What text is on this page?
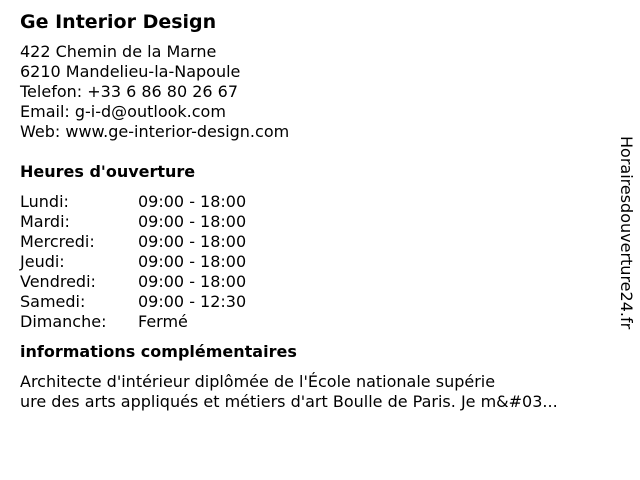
Ge Interior Design
422 Chemin de la Marne
6210 Mandelieu-la-Napoule
Telefon: +33 6 86 80 26 67
Email: g-i-d@outlook.com
Web: www.ge-interior-design.com
Heures d'ouverture
Lundi:	09:00 - 18:00
Mardi:	09:00 - 18:00
Mercredi:	09:00 - 18:00
Jeudi:	09:00 - 18:00
Vendredi:	09:00 - 18:00
Samedi:	09:00 - 12:30
Dimanche: Fermé
informations complémentaires
Architecte d'intérieur diplômée de l'École nationale supérie
ure des arts appliqués et métiers d'art Boulle de Paris. Je m&#03...
Horairesdouverture24.fr
